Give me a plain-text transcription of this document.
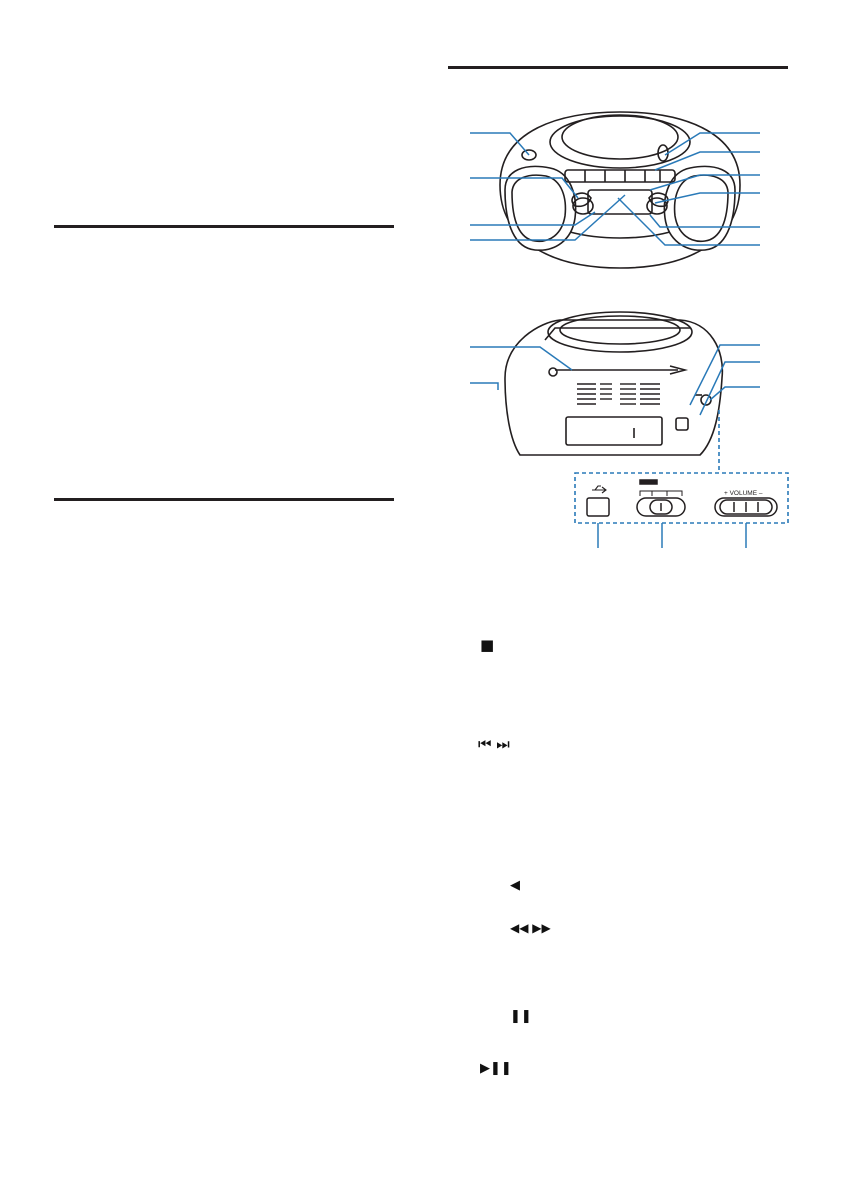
+ VOLUME –
■
⏮ ⏭
◀
◀◀ ▶▶
❚❚
▶❚❚
